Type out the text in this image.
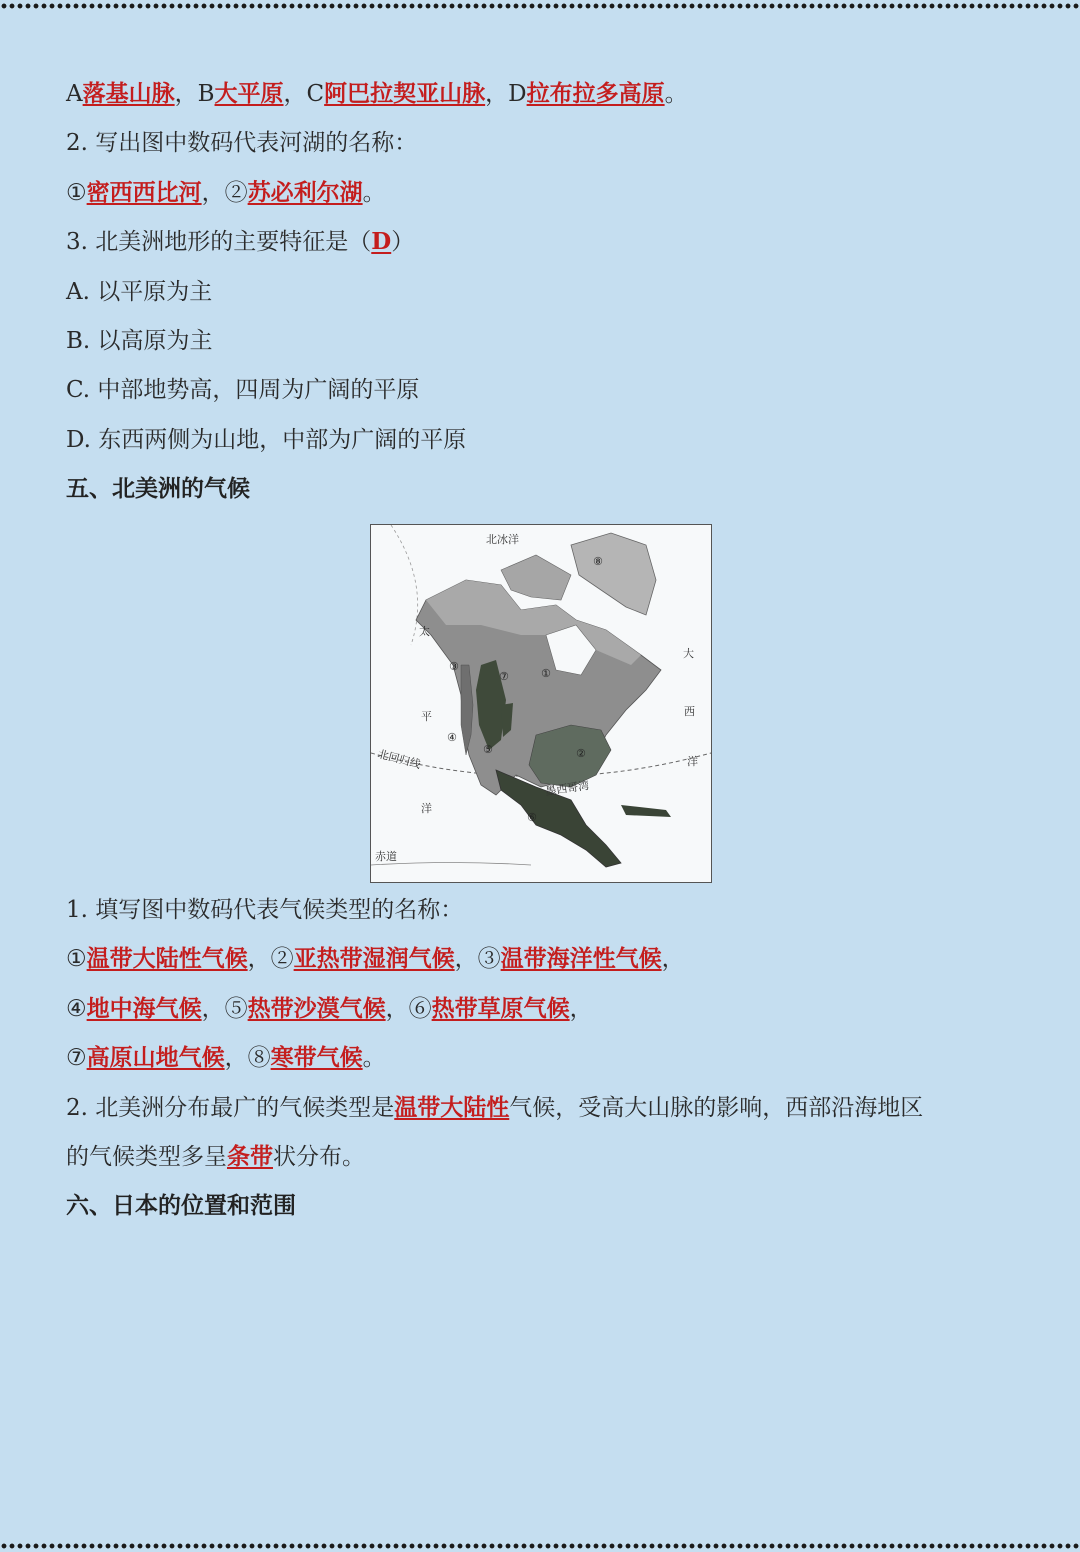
A落基山脉，B大平原，C阿巴拉契亚山脉，D拉布拉多高原。
2. 写出图中数码代表河湖的名称：
①密西西比河，②苏必利尔湖。
3. 北美洲地形的主要特征是（D）
A. 以平原为主
B. 以高原为主
C. 中部地势高，四周为广阔的平原
D. 东西两侧为山地，中部为广阔的平原
五、北美洲的气候
北冰洋
太
平
洋
大
西
洋
北回归线
墨西哥湾
赤道
①
②
③
④
⑤
⑥
⑦
⑧
1. 填写图中数码代表气候类型的名称：
①温带大陆性气候，②亚热带湿润气候，③温带海洋性气候，
④地中海气候，⑤热带沙漠气候，⑥热带草原气候，
⑦高原山地气候，⑧寒带气候。
2. 北美洲分布最广的气候类型是温带大陆性气候，受高大山脉的影响，西部沿海地区
的气候类型多呈条带状分布。
六、日本的位置和范围
